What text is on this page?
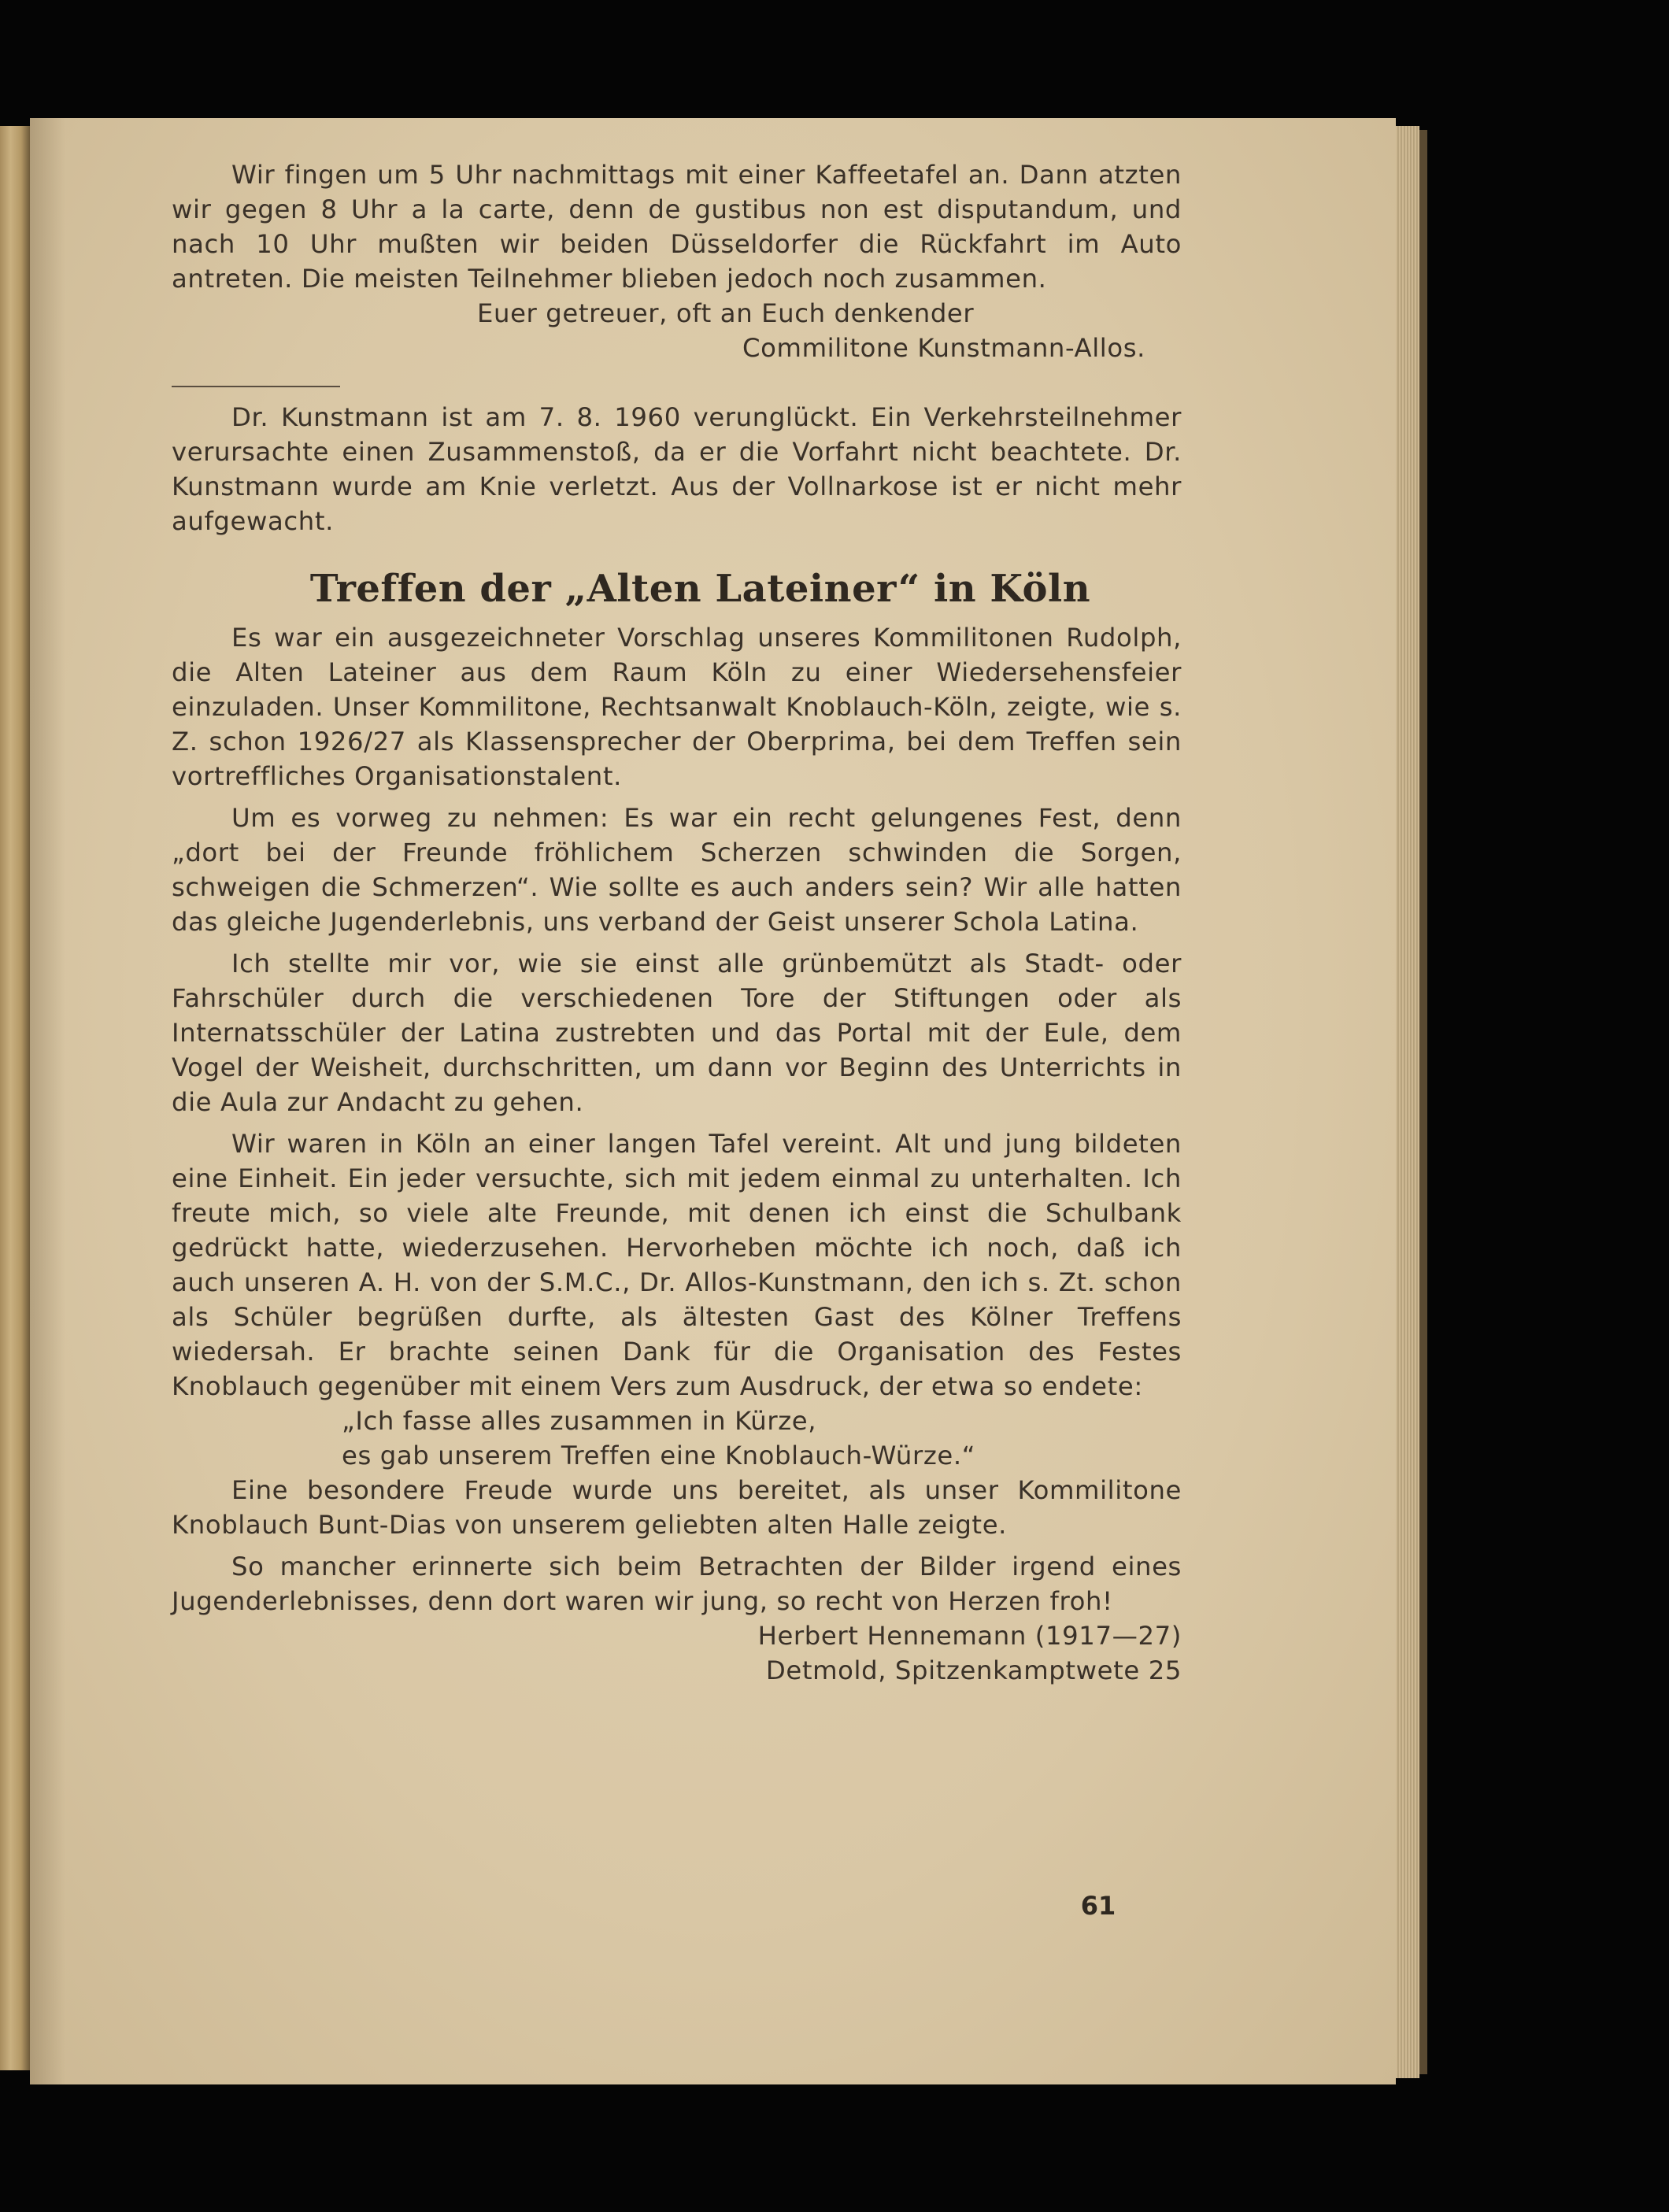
Wir fingen um 5 Uhr nachmittags mit einer Kaffeetafel an. Dann atzten wir gegen 8 Uhr a la carte, denn de gustibus non est disputandum, und nach 10 Uhr mußten wir beiden Düsseldorfer die Rückfahrt im Auto antreten. Die meisten Teilnehmer blieben jedoch noch zusammen.

Euer getreuer, oft an Euch denkender
Commilitone Kunstmann-Allos.

Dr. Kunstmann ist am 7. 8. 1960 verunglückt. Ein Verkehrsteilnehmer verursachte einen Zusammenstoß, da er die Vorfahrt nicht beachtete. Dr. Kunstmann wurde am Knie verletzt. Aus der Vollnarkose ist er nicht mehr aufgewacht.

Treffen der „Alten Lateiner“ in Köln

Es war ein ausgezeichneter Vorschlag unseres Kommilitonen Rudolph, die Alten Lateiner aus dem Raum Köln zu einer Wiedersehensfeier einzuladen. Unser Kommilitone, Rechtsanwalt Knoblauch-Köln, zeigte, wie s. Z. schon 1926/27 als Klassensprecher der Oberprima, bei dem Treffen sein vortreffliches Organisationstalent.

Um es vorweg zu nehmen: Es war ein recht gelungenes Fest, denn „dort bei der Freunde fröhlichem Scherzen schwinden die Sorgen, schweigen die Schmerzen“. Wie sollte es auch anders sein? Wir alle hatten das gleiche Jugenderlebnis, uns verband der Geist unserer Schola Latina.

Ich stellte mir vor, wie sie einst alle grünbemützt als Stadt- oder Fahrschüler durch die verschiedenen Tore der Stiftungen oder als Internatsschüler der Latina zustrebten und das Portal mit der Eule, dem Vogel der Weisheit, durchschritten, um dann vor Beginn des Unterrichts in die Aula zur Andacht zu gehen.

Wir waren in Köln an einer langen Tafel vereint. Alt und jung bildeten eine Einheit. Ein jeder versuchte, sich mit jedem einmal zu unterhalten. Ich freute mich, so viele alte Freunde, mit denen ich einst die Schulbank gedrückt hatte, wiederzusehen. Hervorheben möchte ich noch, daß ich auch unseren A. H. von der S.M.C., Dr. Allos-Kunstmann, den ich s. Zt. schon als Schüler begrüßen durfte, als ältesten Gast des Kölner Treffens wiedersah. Er brachte seinen Dank für die Organisation des Festes Knoblauch gegenüber mit einem Vers zum Ausdruck, der etwa so endete:

„Ich fasse alles zusammen in Kürze,
es gab unserem Treffen eine Knoblauch-Würze.“

Eine besondere Freude wurde uns bereitet, als unser Kommilitone Knoblauch Bunt-Dias von unserem geliebten alten Halle zeigte.

So mancher erinnerte sich beim Betrachten der Bilder irgend eines Jugenderlebnisses, denn dort waren wir jung, so recht von Herzen froh!

Herbert Hennemann (1917—27)
Detmold, Spitzenkamptwete 25
61
